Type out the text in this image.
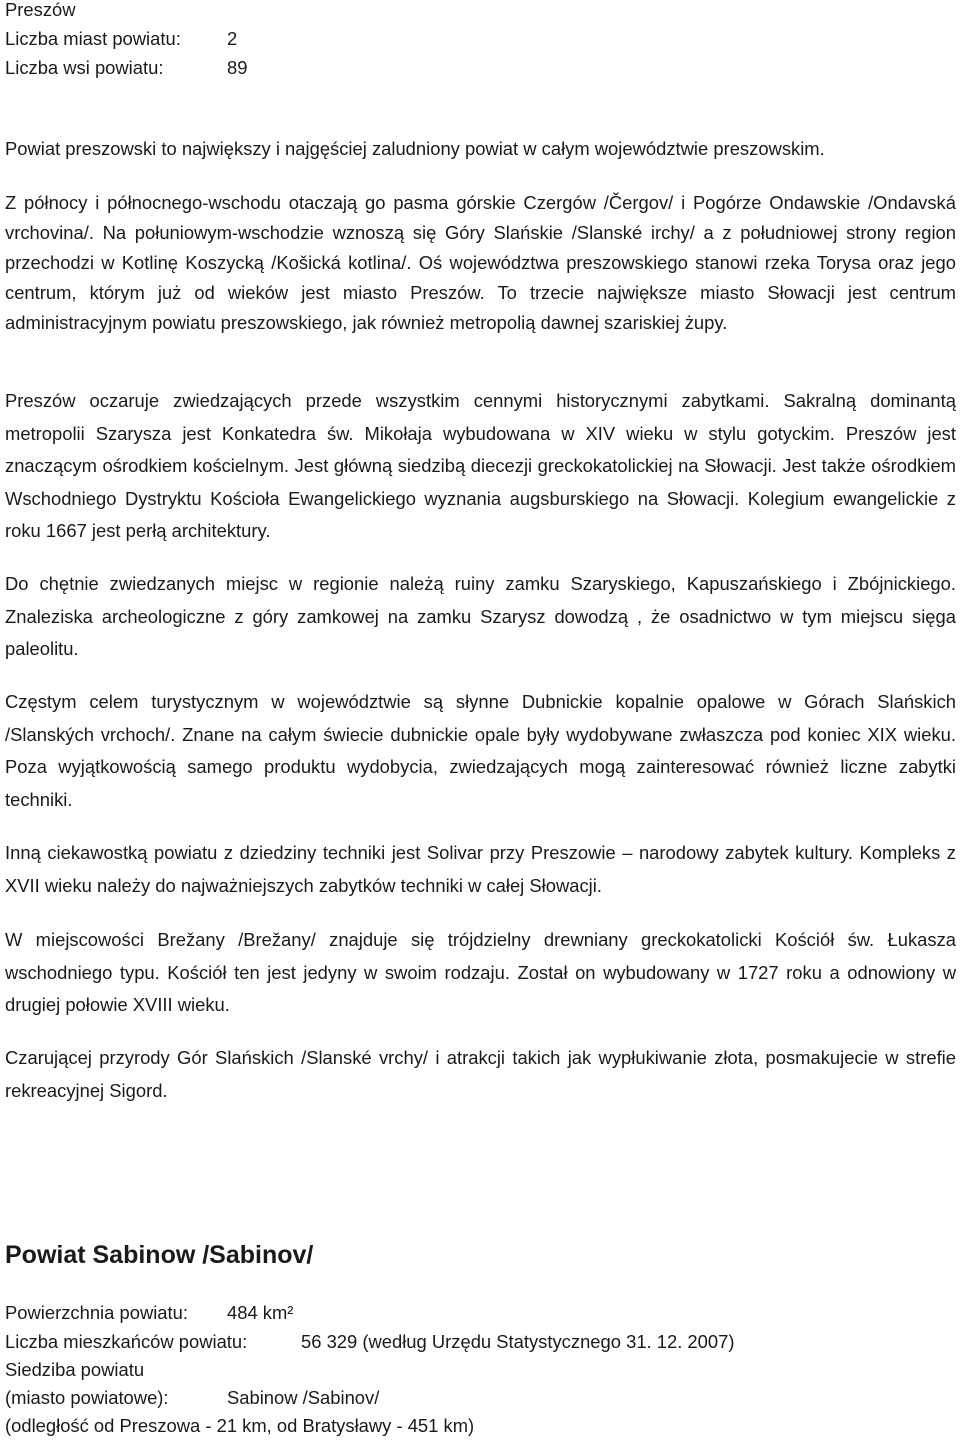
Preszów
Liczba miast powiatu:	2
Liczba wsi powiatu:	89
Powiat preszowski to największy i najgęściej zaludniony powiat w całym województwie preszowskim.
Z północy i północnego-wschodu otaczają go pasma górskie Czergów /Čergov/ i Pogórze Ondawskie /Ondavská vrchovina/. Na połuniowym-wschodzie wznoszą się Góry Slańskie /Slanské irchy/ a z południowej strony region przechodzi w Kotlinę Koszycką /Košická kotlina/. Oś województwa preszowskiego stanowi rzeka Torysa oraz jego centrum, którym już od wieków jest miasto Preszów. To trzecie największe miasto Słowacji jest centrum administracyjnym powiatu preszowskiego, jak również metropolią dawnej szariskiej żupy.
Preszów oczaruje zwiedzających przede wszystkim cennymi historycznymi zabytkami. Sakralną dominantą metropolii Szarysza jest Konkatedra św. Mikołaja wybudowana w XIV wieku w stylu gotyckim. Preszów jest znaczącym ośrodkiem kościelnym. Jest główną siedzibą diecezji greckokatolickiej na Słowacji. Jest także ośrodkiem Wschodniego Dystryktu Kościoła Ewangelickiego wyznania augsburskiego na Słowacji. Kolegium ewangelickie z roku 1667 jest perłą architektury.
Do chętnie zwiedzanych miejsc w regionie należą ruiny zamku Szaryskiego, Kapuszańskiego i Zbójnickiego. Znaleziska archeologiczne z góry zamkowej na zamku Szarysz dowodzą , że osadnictwo w tym miejscu sięga paleolitu.
Częstym celem turystycznym w województwie są słynne Dubnickie kopalnie opalowe w Górach Slańskich /Slanských vrchoch/. Znane na całym świecie dubnickie opale były wydobywane zwłaszcza pod koniec XIX wieku. Poza wyjątkowością samego produktu wydobycia, zwiedzających mogą zainteresować również liczne zabytki techniki.
Inną ciekawostką powiatu z dziedziny techniki jest Solivar przy Preszowie – narodowy zabytek kultury. Kompleks z XVII wieku należy do najważniejszych zabytków techniki w całej Słowacji.
W miejscowości Brežany /Brežany/ znajduje się trójdzielny drewniany greckokatolicki Kościół św. Łukasza wschodniego typu. Kościół ten jest jedyny w swoim rodzaju. Został on wybudowany w 1727 roku a odnowiony w drugiej połowie XVIII wieku.
Czarującej przyrody Gór Slańskich /Slanské vrchy/ i atrakcji takich jak wypłukiwanie złota, posmakujecie w strefie rekreacyjnej Sigord.
Powiat Sabinow /Sabinov/
Powierzchnia powiatu: 484 km²
Liczba mieszkańców powiatu:	56 329 (według Urzędu Statystycznego 31. 12. 2007)
Siedziba powiatu
(miasto powiatowe):	Sabinow /Sabinov/
(odległość od Preszowa - 21 km, od Bratysławy - 451 km)
